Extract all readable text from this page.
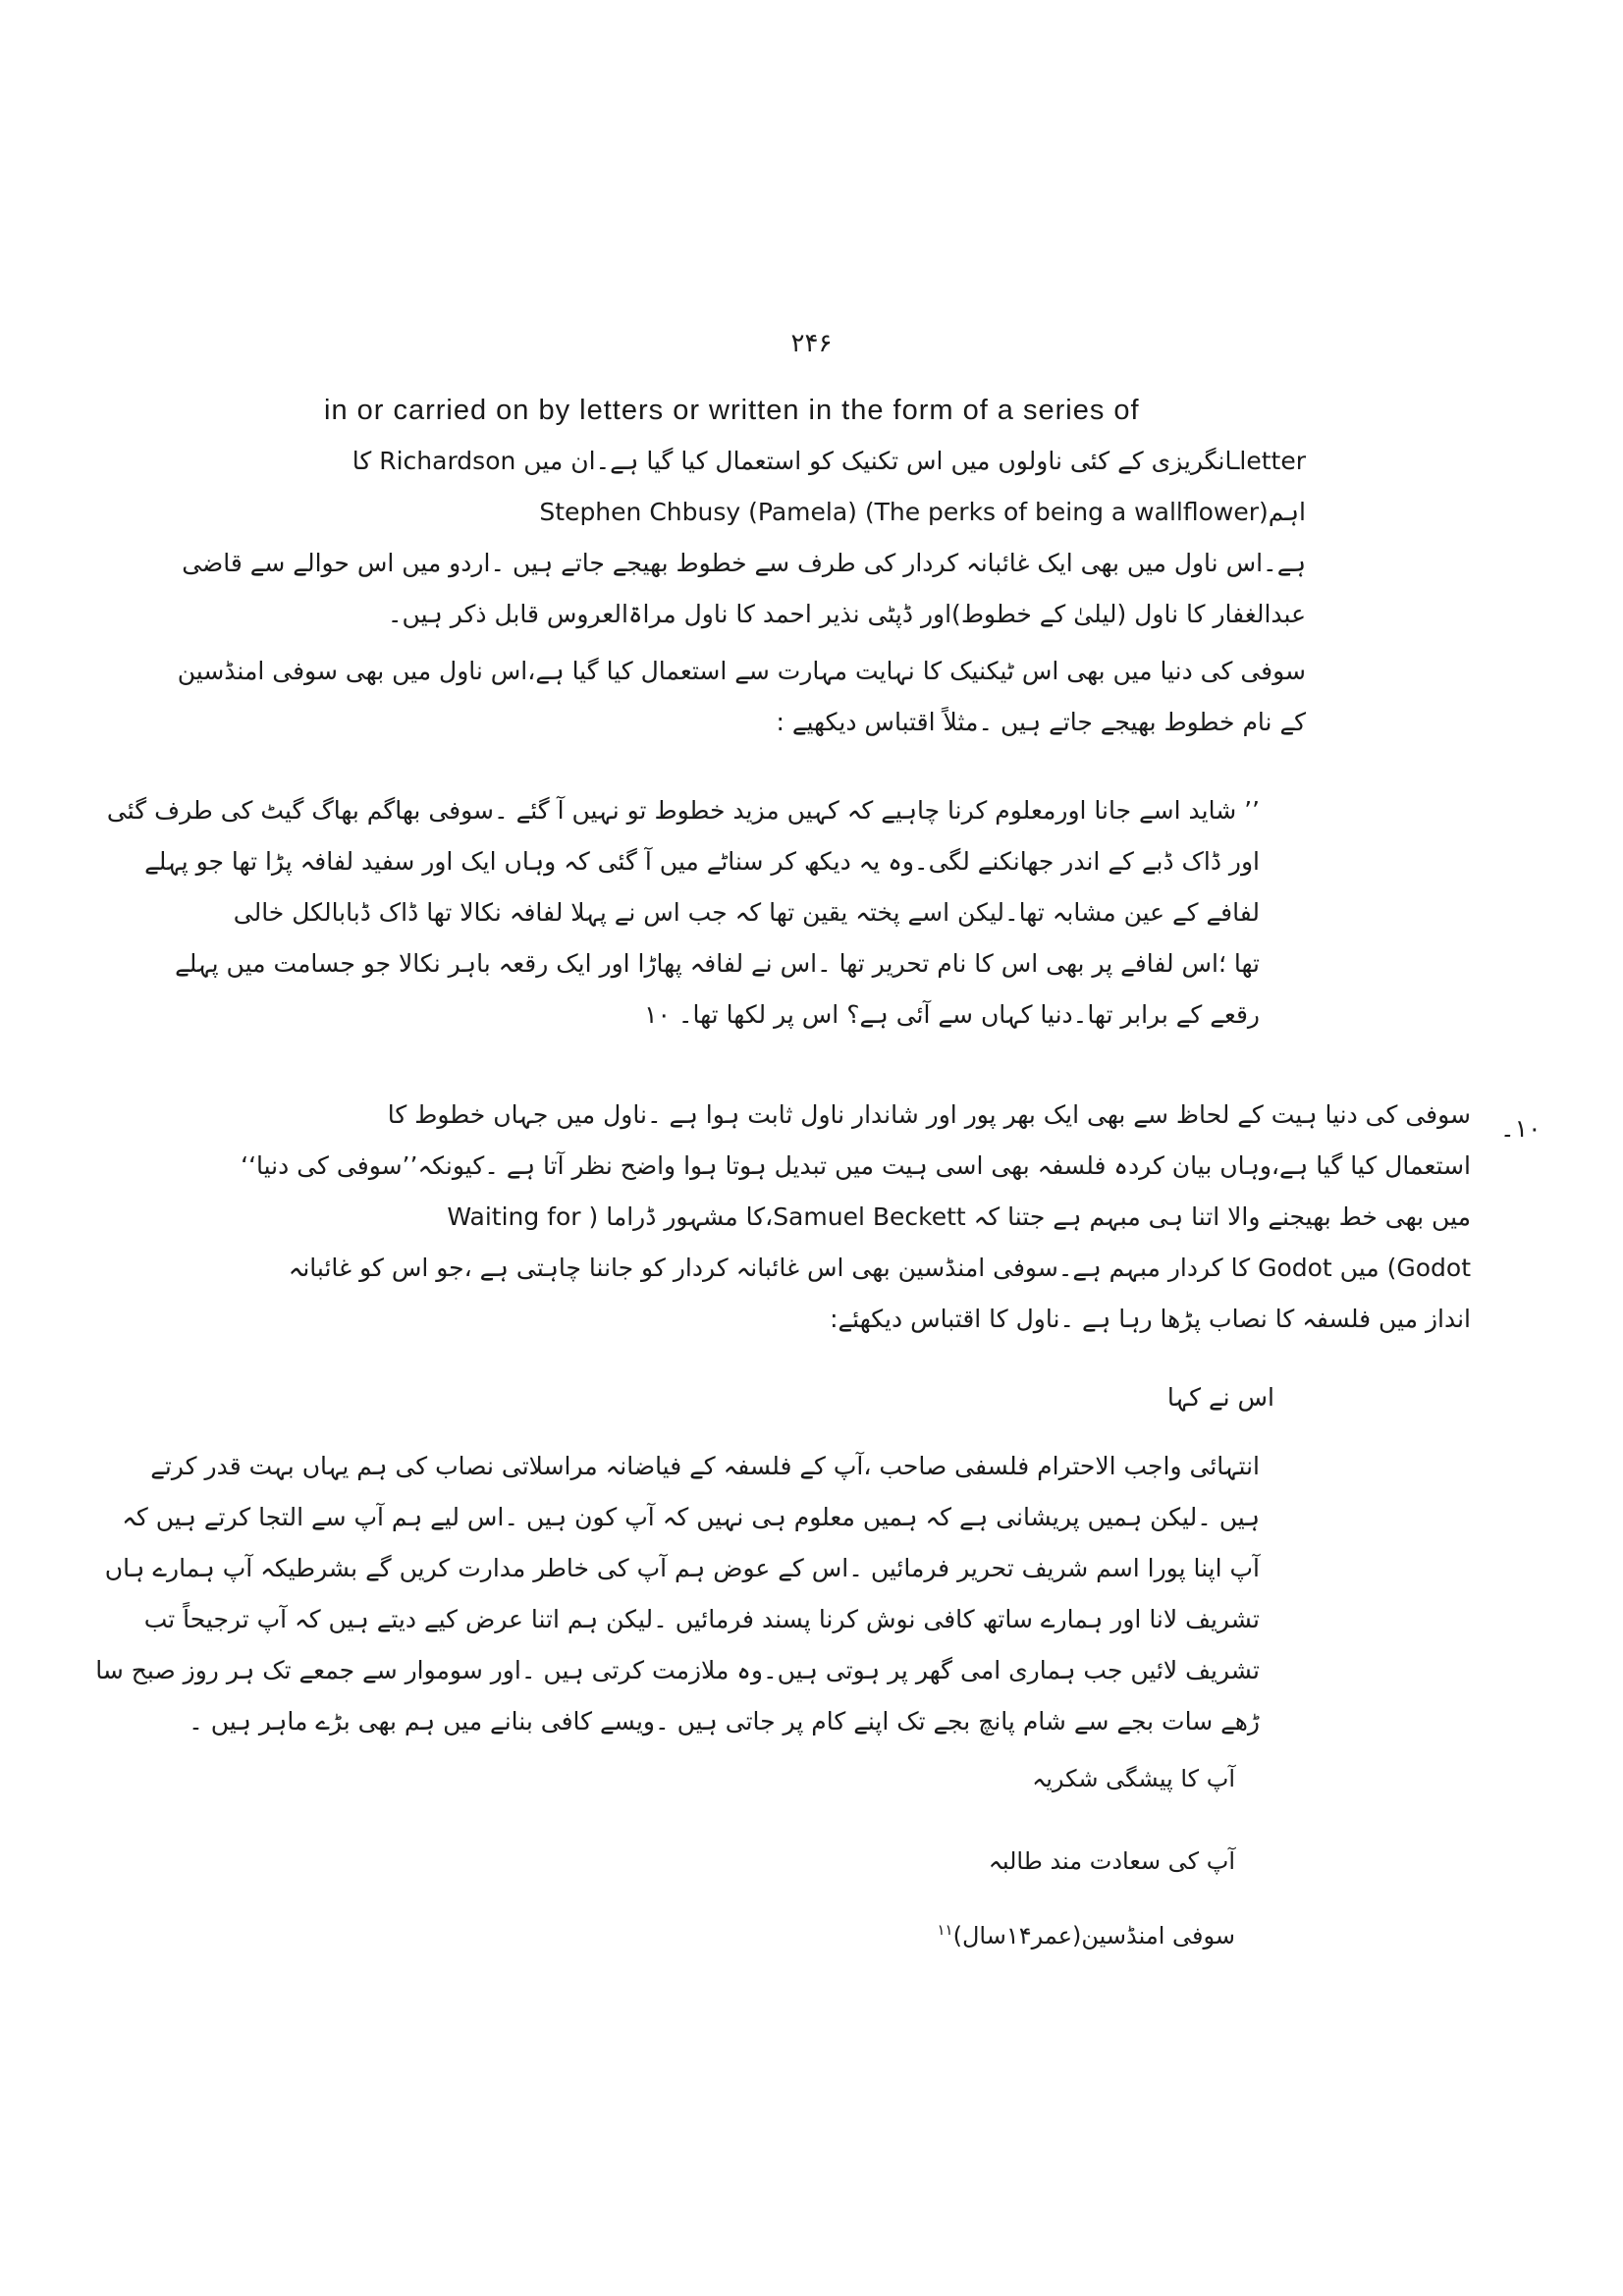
۲۴۶
in or carried on by letters or written in the form of a series of
letterـانگریزی کے کئی ناولوں میں اس تکنیک کو استعمال کیا گیا ہے۔ان میں Richardson کا
اہم(The perks of being a wallflower) Stephen Chbusy (Pamela)
ہے۔اس ناول میں بھی ایک غائبانہ کردار کی طرف سے خطوط بھیجے جاتے ہیں ۔اردو میں اس حوالے سے قاضی
عبدالغفار کا ناول (لیلیٰ کے خطوط)اور ڈپٹی نذیر احمد کا ناول مراۃالعروس قابل ذکر ہیں۔
سوفی کی دنیا میں بھی اس ٹیکنیک کا نہایت مہارت سے استعمال کیا گیا ہے،اس ناول میں بھی سوفی امنڈسین
کے نام خطوط بھیجے جاتے ہیں ۔مثلاً اقتباس دیکھیے :
’’ شاید اسے جانا اورمعلوم کرنا چاہیے کہ کہیں مزید خطوط تو نہیں آ گئے ۔سوفی بھاگم بھاگ گیٹ کی طرف گئی
اور ڈاک ڈبے کے اندر جھانکنے لگی۔وہ یہ دیکھ کر سناٹے میں آ گئی کہ وہاں ایک اور سفید لفافہ پڑا تھا جو پہلے
لفافے کے عین مشابہ تھا۔لیکن اسے پختہ یقین تھا کہ جب اس نے پہلا لفافہ نکالا تھا ڈاک ڈبابالکل خالی
تھا ؛اس لفافے پر بھی اس کا نام تحریر تھا ۔اس نے لفافہ پھاڑا اور ایک رقعہ باہر نکالا جو جسامت میں پہلے
رقعے کے برابر تھا۔دنیا کہاں سے آئی ہے؟ اس پر لکھا تھا۔ ۱۰
۱۰۔
سوفی کی دنیا ہیت کے لحاظ سے بھی ایک بھر پور اور شاندار ناول ثابت ہوا ہے ۔ناول میں جہاں خطوط کا
استعمال کیا گیا ہے،وہاں بیان کردہ فلسفہ بھی اسی ہیت میں تبدیل ہوتا ہوا واضح نظر آتا ہے ۔کیونکہ’’سوفی کی دنیا‘‘
میں بھی خط بھیجنے والا اتنا ہی مبہم ہے جتنا کہ Samuel Beckett،کا مشہور ڈراما ( Waiting for
Godot) میں Godot کا کردار مبہم ہے۔سوفی امنڈسین بھی اس غائبانہ کردار کو جاننا چاہتی ہے ،جو اس کو غائبانہ
انداز میں فلسفہ کا نصاب پڑھا رہا ہے ۔ناول کا اقتباس دیکھئے:
اس نے کہا
انتہائی واجب الاحترام فلسفی صاحب ،آپ کے فلسفہ کے فیاضانہ مراسلاتی نصاب کی ہم یہاں بہت قدر کرتے
ہیں ۔لیکن ہمیں پریشانی ہے کہ ہمیں معلوم ہی نہیں کہ آپ کون ہیں ۔اس لیے ہم آپ سے التجا کرتے ہیں کہ
آپ اپنا پورا اسم شریف تحریر فرمائیں ۔اس کے عوض ہم آپ کی خاطر مدارت کریں گے بشرطیکہ آپ ہمارے ہاں
تشریف لانا اور ہمارے ساتھ کافی نوش کرنا پسند فرمائیں ۔لیکن ہم اتنا عرض کیے دیتے ہیں کہ آپ ترجیحاً تب
تشریف لائیں جب ہماری امی گھر پر ہوتی ہیں۔وہ ملازمت کرتی ہیں ۔اور سوموار سے جمعے تک ہر روز صبح سا
ڑھے سات بجے سے شام پانچ بجے تک اپنے کام پر جاتی ہیں ۔ویسے کافی بنانے میں ہم بھی بڑے ماہر ہیں ۔
آپ کا پیشگی شکریہ
آپ کی سعادت مند طالبہ
سوفی امنڈسین(عمر۱۴سال)$^{۱۱}$
